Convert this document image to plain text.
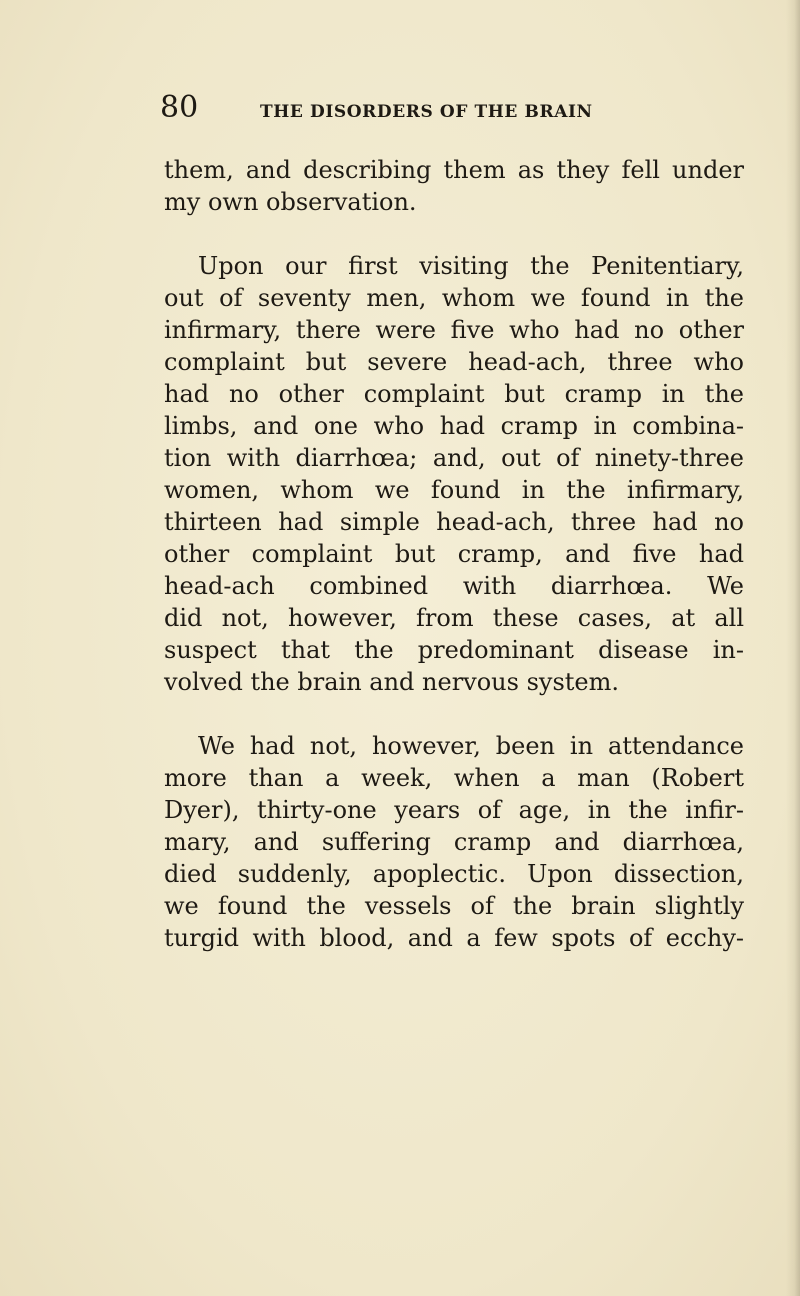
80	THE DISORDERS OF THE BRAIN
them, and describing them as they fell under
my own observation.
Upon our first visiting the Penitentiary,
out of seventy men, whom we found in the
infirmary, there were five who had no other
complaint but severe head-ach, three who
had no other complaint but cramp in the
limbs, and one who had cramp in combina-
tion with diarrhœa; and, out of ninety-three
women, whom we found in the infirmary,
thirteen had simple head-ach, three had no
other complaint but cramp, and five had
head-ach combined with diarrhœa. We
did not, however, from these cases, at all
suspect that the predominant disease in-
volved the brain and nervous system.
We had not, however, been in attendance
more than a week, when a man (Robert
Dyer), thirty-one years of age, in the infir-
mary, and suffering cramp and diarrhœa,
died suddenly, apoplectic. Upon dissection,
we found the vessels of the brain slightly
turgid with blood, and a few spots of ecchy-
